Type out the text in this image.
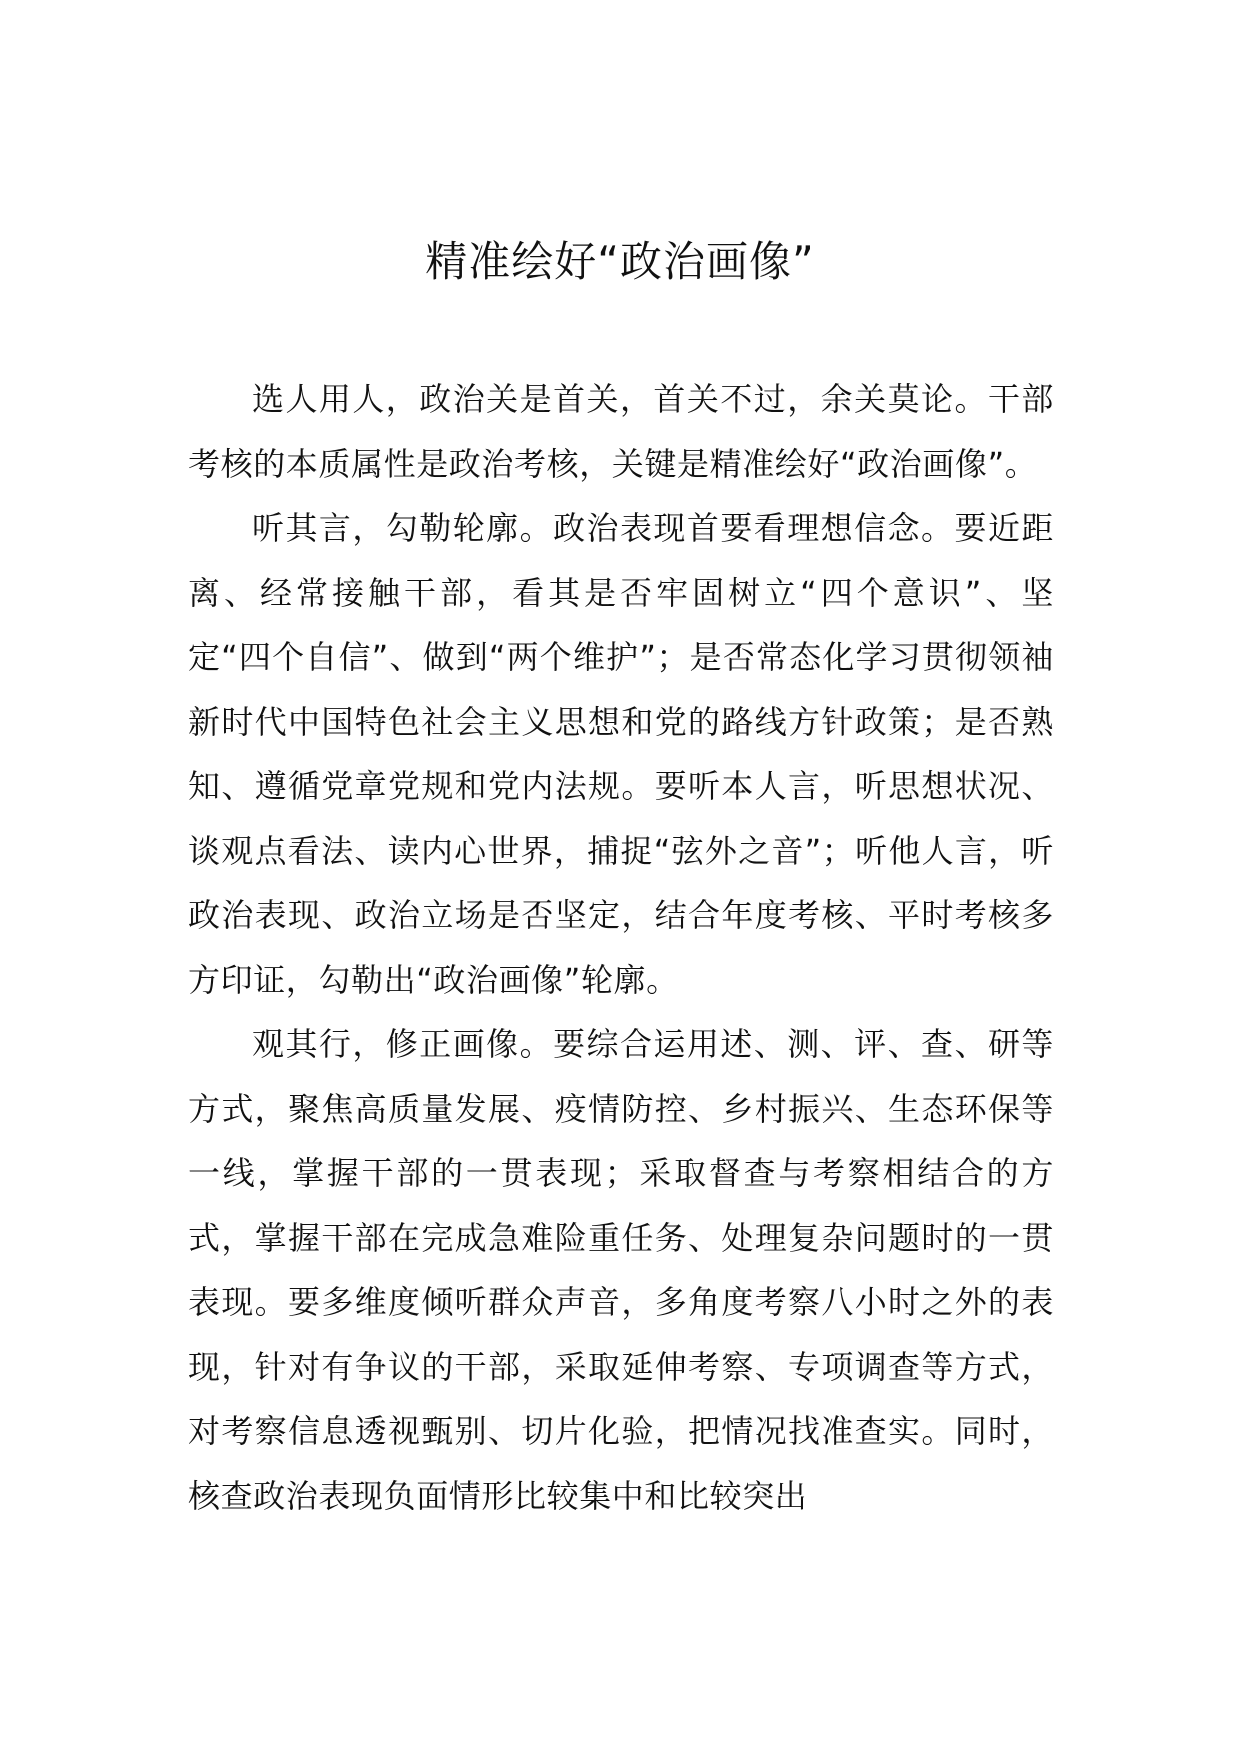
精准绘好“政治画像”

选人用人，政治关是首关，首关不过，余关莫论。干部考核的本质属性是政治考核，关键是精准绘好“政治画像”。

听其言，勾勒轮廓。政治表现首要看理想信念。要近距离、经常接触干部，看其是否牢固树立“四个意识”、坚定“四个自信”、做到“两个维护”；是否常态化学习贯彻领袖新时代中国特色社会主义思想和党的路线方针政策；是否熟知、遵循党章党规和党内法规。要听本人言，听思想状况、谈观点看法、读内心世界，捕捉“弦外之音”；听他人言，听政治表现、政治立场是否坚定，结合年度考核、平时考核多方印证，勾勒出“政治画像”轮廓。

观其行，修正画像。要综合运用述、测、评、查、研等方式，聚焦高质量发展、疫情防控、乡村振兴、生态环保等一线，掌握干部的一贯表现；采取督查与考察相结合的方式，掌握干部在完成急难险重任务、处理复杂问题时的一贯表现。要多维度倾听群众声音，多角度考察八小时之外的表现，针对有争议的干部，采取延伸考察、专项调查等方式，对考察信息透视甄别、切片化验，把情况找准查实。同时，核查政治表现负面情形比较集中和比较突出
